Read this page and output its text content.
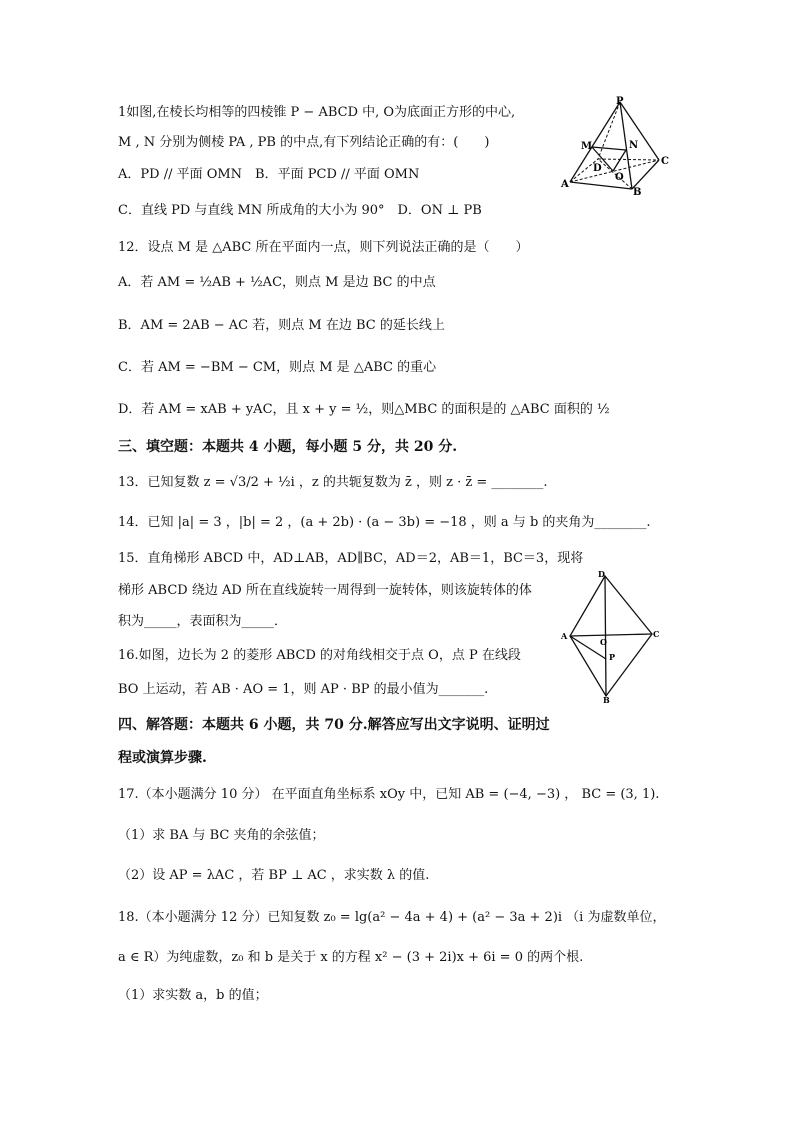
1如图,在棱长均相等的四棱锥 P − ABCD 中, O为底面正方形的中心,
M , N 分别为侧棱 PA , PB 的中点,有下列结论正确的有：(　　)
A．PD // 平面 OMN　B．平面 PCD // 平面 OMN
C．直线 PD 与直线 MN 所成角的大小为 90°　D．ON ⊥ PB
P
M	N
D
O
C
A
B
12．设点 M 是 △ABC 所在平面内一点，则下列说法正确的是（　　）
A．若 AM = ½AB + ½AC，则点 M 是边 BC 的中点
B．AM = 2AB − AC 若，则点 M 在边 BC 的延长线上
C．若 AM = −BM − CM，则点 M 是 △ABC 的重心
D．若 AM = xAB + yAC，且 x + y = ½，则△MBC 的面积是的 △ABC 面积的 ½
三、填空题：本题共 4 小题，每小题 5 分，共 20 分.
13．已知复数 z = √3/2 + ½i ，z 的共轭复数为 z̄ ，则 z · z̄ = ________.
14．已知 |a| = 3 ，|b| = 2 ，(a + 2b) · (a − 3b) = −18 ，则 a 与 b 的夹角为________.
15．直角梯形 ABCD 中，AD⊥AB，AD∥BC，AD＝2，AB＝1，BC＝3，现将
梯形 ABCD 绕边 AD 所在直线旋转一周得到一旋转体，则该旋转体的体
积为_____，表面积为_____．
16.如图，边长为 2 的菱形 ABCD 的对角线相交于点 O，点 P 在线段
BO 上运动，若 AB · AO = 1，则 AP · BP 的最小值为_______.
D
A
O
C
P
B
四、解答题：本题共 6 小题，共 70 分.解答应写出文字说明、证明过
程或演算步骤.
17.（本小题满分 10 分） 在平面直角坐标系 xOy 中，已知 AB = (−4, −3) ， BC = (3, 1).
（1）求 BA 与 BC 夹角的余弦值；
（2）设 AP = λAC ，若 BP ⊥ AC ，求实数 λ 的值.
18.（本小题满分 12 分）已知复数 z₀ = lg(a² − 4a + 4) + (a² − 3a + 2)i （i 为虚数单位，
a ∈ R）为纯虚数，z₀ 和 b 是关于 x 的方程 x² − (3 + 2i)x + 6i = 0 的两个根.
（1）求实数 a，b 的值；
